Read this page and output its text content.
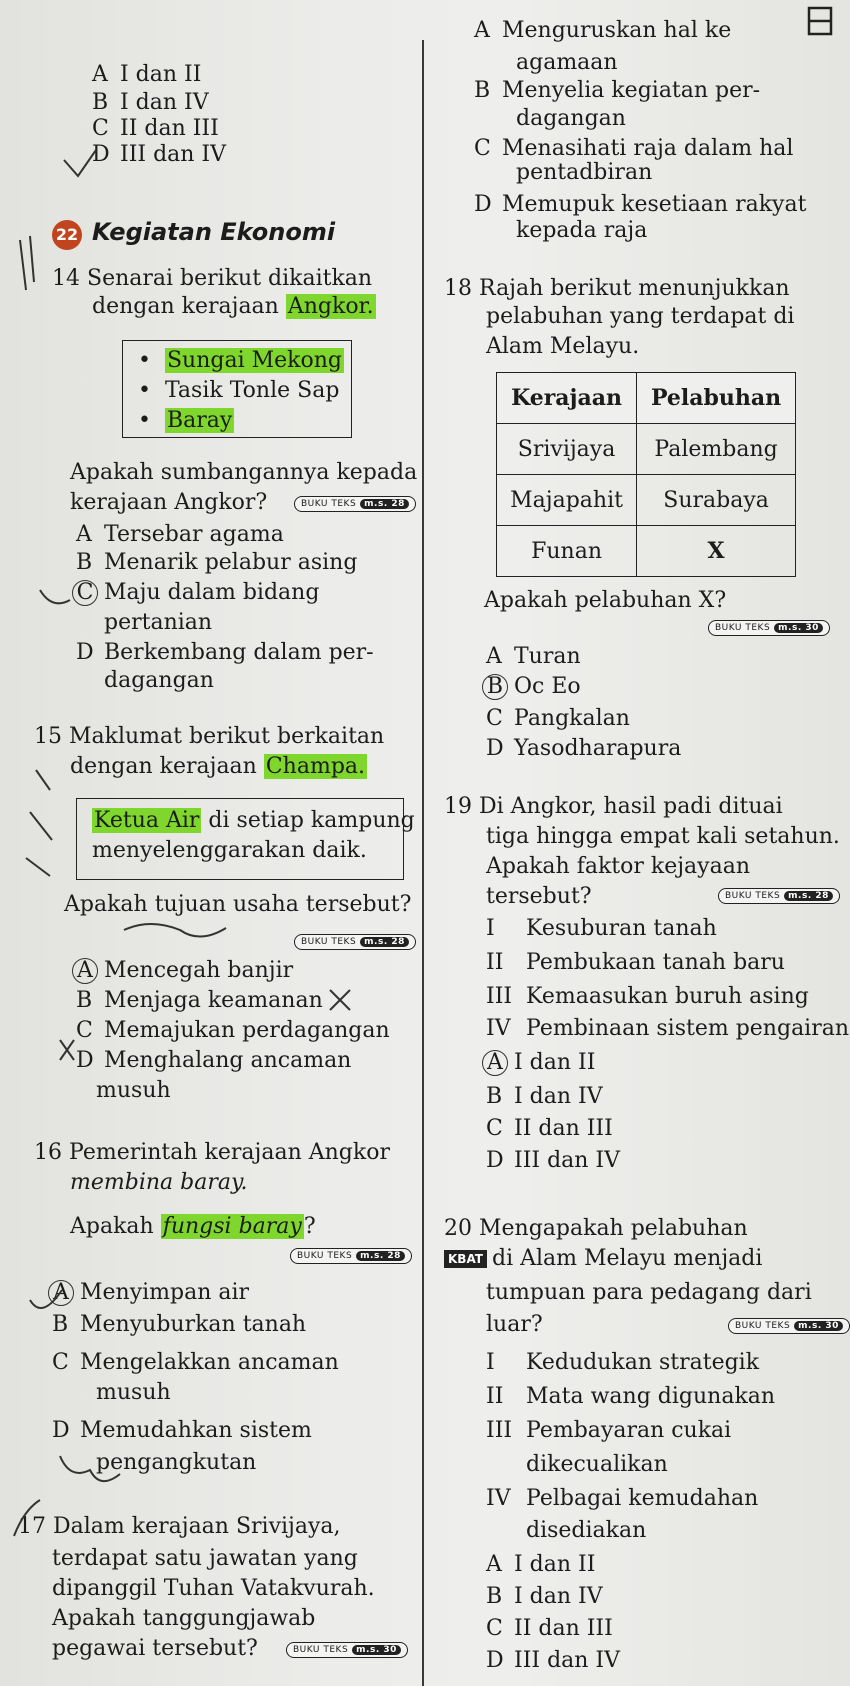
A I dan II
B I dan IV
C II dan III
D III dan IV
22 Kegiatan Ekonomi
14 Senarai berikut dikaitkan
dengan kerajaan Angkor.
•  Sungai Mekong
•  Tasik Tonle Sap
•  Baray
Apakah sumbangannya kepada
kerajaan Angkor?	BUKU TEKS m.s. 28
A Tersebar agama
B Menarik pelabur asing
C Maju dalam bidang
pertanian
D Berkembang dalam per-
dagangan
15 Maklumat berikut berkaitan
dengan kerajaan Champa.
Ketua Air di setiap kampung
menyelenggarakan daik.
Apakah tujuan usaha tersebut?
BUKU TEKS m.s. 28
A Mencegah banjir
B Menjaga keamanan
C Memajukan perdagangan
D Menghalang ancaman
musuh
16 Pemerintah kerajaan Angkor
membina baray.
Apakah fungsi baray?
BUKU TEKS m.s. 28
A Menyimpan air
B Menyuburkan tanah
C Mengelakkan ancaman
musuh
D Memudahkan sistem
pengangkutan
17 Dalam kerajaan Srivijaya,
terdapat satu jawatan yang
dipanggil Tuhan Vatakvurah.
Apakah tanggungjawab
pegawai tersebut?	BUKU TEKS m.s. 30
A Menguruskan hal ke
agamaan
B Menyelia kegiatan per-
dagangan
C Menasihati raja dalam hal
pentadbiran
D Memupuk kesetiaan rakyat
kepada raja
18 Rajah berikut menunjukkan
pelabuhan yang terdapat di
Alam Melayu.
Kerajaan	Pelabuhan
Srivijaya	Palembang
Majapahit	Surabaya
Funan	X
Apakah pelabuhan X?
BUKU TEKS m.s. 30
A Turan
B Oc Eo
C Pangkalan
D Yasodharapura
19 Di Angkor, hasil padi dituai
tiga hingga empat kali setahun.
Apakah faktor kejayaan
tersebut?	BUKU TEKS m.s. 28
I Kesuburan tanah
II Pembukaan tanah baru
III Kemaasukan buruh asing
IV Pembinaan sistem pengairan
A I dan II
B I dan IV
C II dan III
D III dan IV
20 Mengapakah pelabuhan
KBAT di Alam Melayu menjadi
tumpuan para pedagang dari
luar?	BUKU TEKS m.s. 30
I Kedudukan strategik
II Mata wang digunakan
III Pembayaran cukai
dikecualikan
IV Pelbagai kemudahan
disediakan
A I dan II
B I dan IV
C II dan III
D III dan IV
